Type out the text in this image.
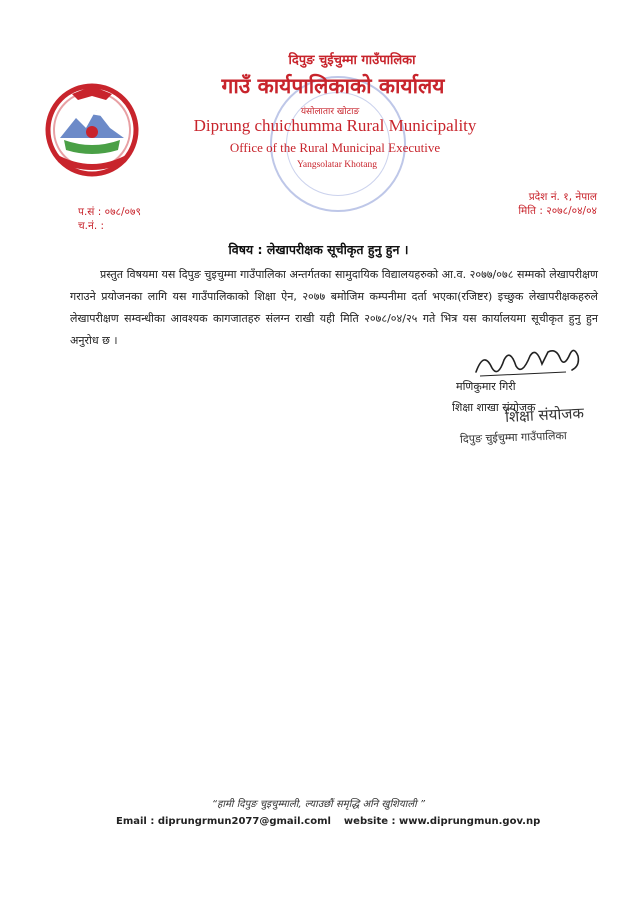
दिपुङ चुईचुम्मा गाउँपालिका
गाउँ कार्यपालिकाको कार्यालय
यंसोलातार खोटाङ
Diprung chuichumma Rural Municipality
Office of the Rural Municipal Executive
Yangsolatar Khotang
प.सं : ०७८/०७९
च.नं. :
प्रदेश नं. १, नेपाल
मिति : २०७८/०४/०४
विषय : लेखापरीक्षक सूचीकृत हुनु हुन ।

प्रस्तुत विषयमा यस दिपुङ चुइचुम्मा गाउँपालिका अन्तर्गतका सामुदायिक विद्यालयहरुको आ.व. २०७७/०७८ सम्मको लेखापरीक्षण गराउने प्रयोजनका लागि यस गाउँपालिकाको शिक्षा ऐन, २०७७ बमोजिम कम्पनीमा दर्ता भएका(रजिष्टर) इच्छुक लेखापरीक्षकहरुले लेखापरीक्षण सम्वन्धीका आवश्यक कागजातहरु संलग्न राखी यही मिति २०७८/०४/२५ गते भित्र यस कार्यालयमा सूचीकृत हुनु हुन अनुरोध छ ।

मणिकुमार गिरी
शिक्षा शाखा संयोजक
शिक्षा संयोजक
दिपुङ चुईचुम्मा गाउँपालिका
“हामी दिपुङ चुइचुम्माली, ल्याउछौं समृद्धि अनि खुशियाली ”
Email : diprungrmun2077@gmail.coml website : www.diprungmun.gov.np
